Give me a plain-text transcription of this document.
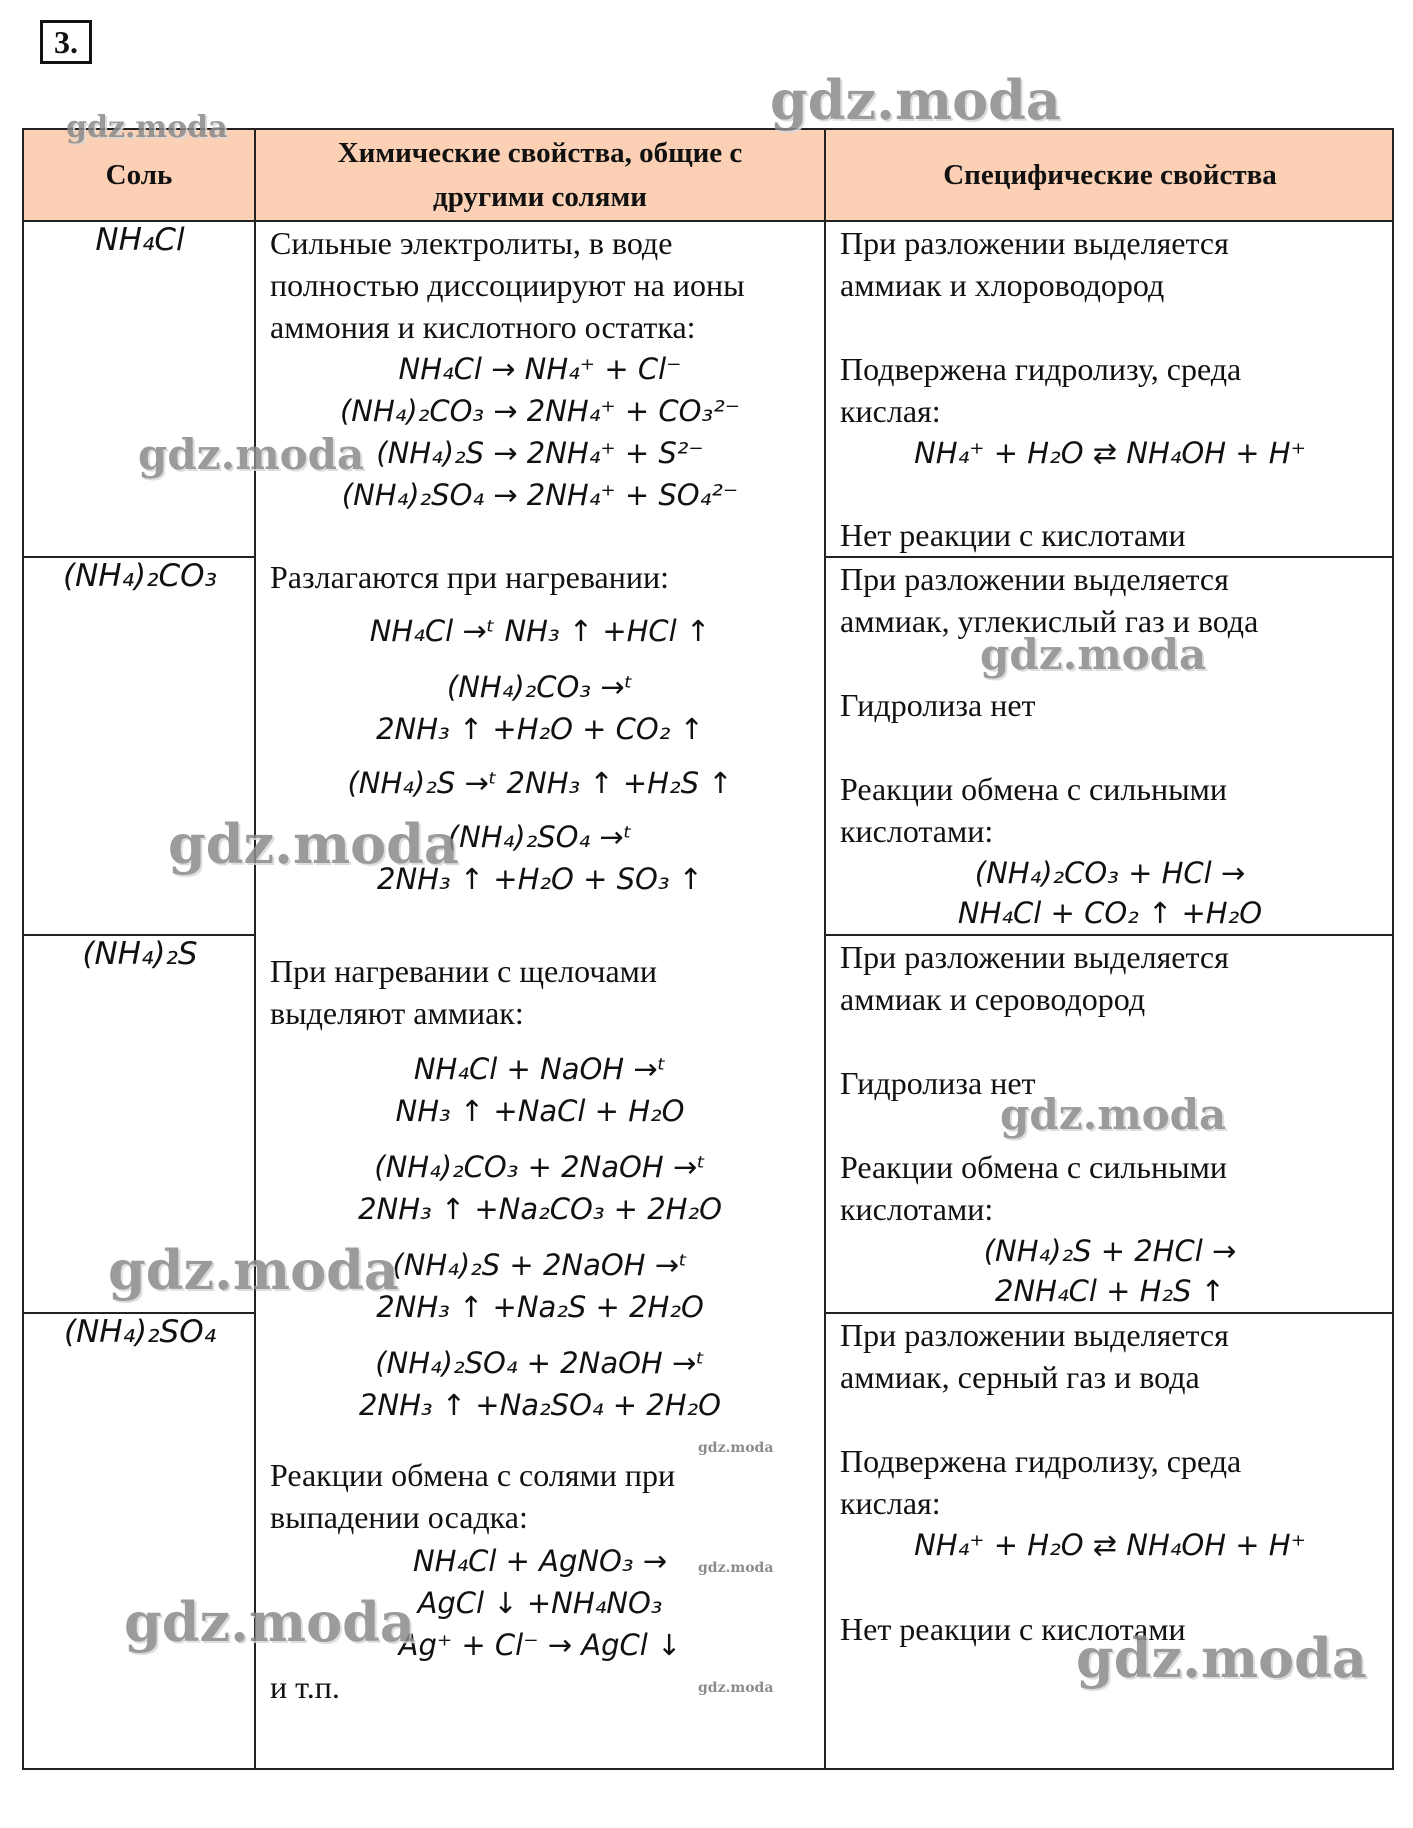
3.
Соль
Химические свойства, общие с
другими солями
Специфические свойства
NH₄Cl
(NH₄)₂CO₃
(NH₄)₂S
(NH₄)₂SO₄
Сильные электролиты, в воде
полностью диссоциируют на ионы
аммония и кислотного остатка:
NH₄Cl → NH₄⁺ + Cl⁻
(NH₄)₂CO₃ → 2NH₄⁺ + CO₃²⁻
(NH₄)₂S → 2NH₄⁺ + S²⁻
(NH₄)₂SO₄ → 2NH₄⁺ + SO₄²⁻
Разлагаются при нагревании:
NH₄Cl →ᵗ NH₃ ↑ +HCl ↑
(NH₄)₂CO₃ →ᵗ
2NH₃ ↑ +H₂O + CO₂ ↑
(NH₄)₂S →ᵗ 2NH₃ ↑ +H₂S ↑
(NH₄)₂SO₄ →ᵗ
2NH₃ ↑ +H₂O + SO₃ ↑
При нагревании с щелочами
выделяют аммиак:
NH₄Cl + NaOH →ᵗ
NH₃ ↑ +NaCl + H₂O
(NH₄)₂CO₃ + 2NaOH →ᵗ
2NH₃ ↑ +Na₂CO₃ + 2H₂O
(NH₄)₂S + 2NaOH →ᵗ
2NH₃ ↑ +Na₂S + 2H₂O
(NH₄)₂SO₄ + 2NaOH →ᵗ
2NH₃ ↑ +Na₂SO₄ + 2H₂O
Реакции обмена с солями при
выпадении осадка:
NH₄Cl + AgNO₃ →
AgCl ↓ +NH₄NO₃
Ag⁺ + Cl⁻ → AgCl ↓
и т.п.
При разложении выделяется
аммиак и хлороводород
Подвержена гидролизу, среда
кислая:
NH₄⁺ + H₂O ⇄ NH₄OH + H⁺
Нет реакции с кислотами
При разложении выделяется
аммиак, углекислый газ и вода
Гидролиза нет
Реакции обмена с сильными
кислотами:
(NH₄)₂CO₃ + HCl →
NH₄Cl + CO₂ ↑ +H₂O
При разложении выделяется
аммиак и сероводород
Гидролиза нет
Реакции обмена с сильными
кислотами:
(NH₄)₂S + 2HCl →
2NH₄Cl + H₂S ↑
При разложении выделяется
аммиак, серный газ и вода
Подвержена гидролизу, среда
кислая:
NH₄⁺ + H₂O ⇄ NH₄OH + H⁺
Нет реакции с кислотами
gdz.moda
gdz.moda
gdz.moda
gdz.moda
gdz.moda
gdz.moda
gdz.moda
gdz.moda
gdz.moda
gdz.moda
gdz.moda
gdz.moda
